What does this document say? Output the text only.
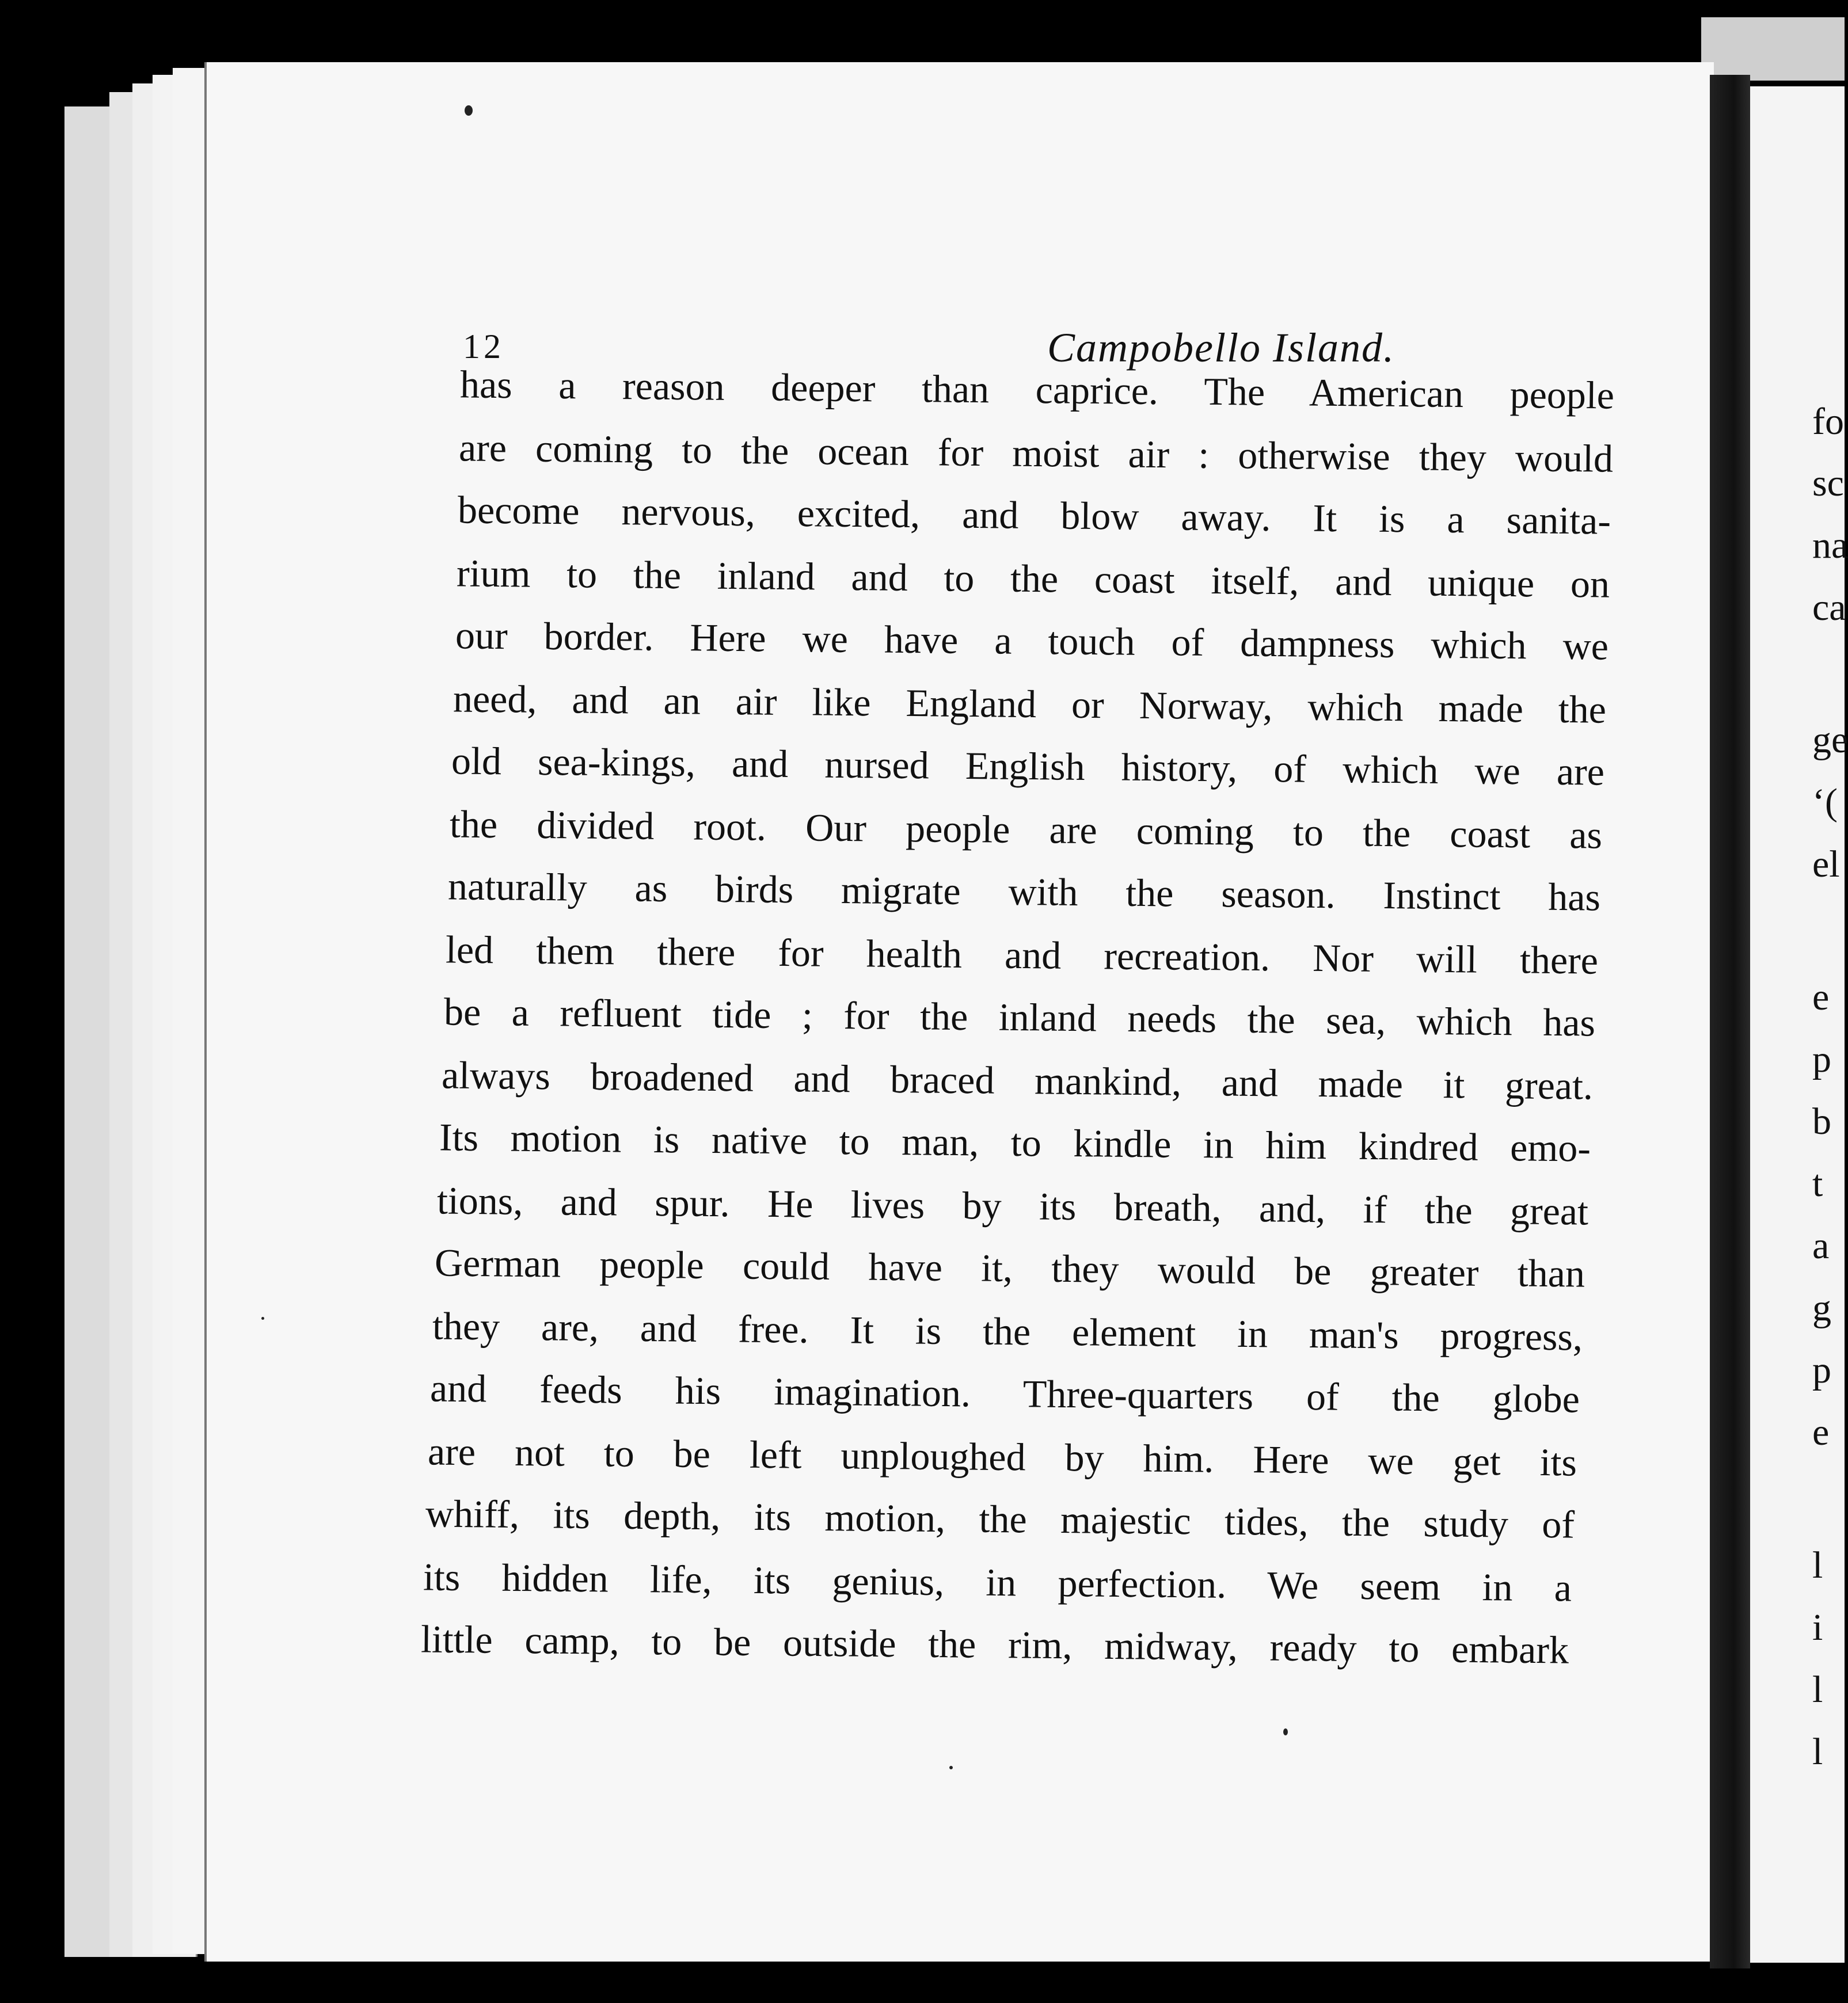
12	Campobello Island.
has a reason deeper than caprice. The American people
are coming to the ocean for moist air : otherwise they would
become nervous, excited, and blow away. It is a sanita-
rium to the inland and to the coast itself, and unique on
our border. Here we have a touch of dampness which we
need, and an air like England or Norway, which made the
old sea-kings, and nursed English history, of which we are
the divided root. Our people are coming to the coast as
naturally as birds migrate with the season. Instinct has
led them there for health and recreation. Nor will there
be a refluent tide ; for the inland needs the sea, which has
always broadened and braced mankind, and made it great.
Its motion is native to man, to kindle in him kindred emo-
tions, and spur. He lives by its breath, and, if the great
German people could have it, they would be greater than
they are, and free. It is the element in man's progress,
and feeds his imagination. Three-quarters of the globe
are not to be left unploughed by him. Here we get its
whiff, its depth, its motion, the majestic tides, the study of
its hidden life, its genius, in perfection. We seem in a
little camp, to be outside the rim, midway, ready to embark
fo
sc
na
ca
ge
‘(
el
e
p
b
t
a
g
p
e
l
i
l
l
